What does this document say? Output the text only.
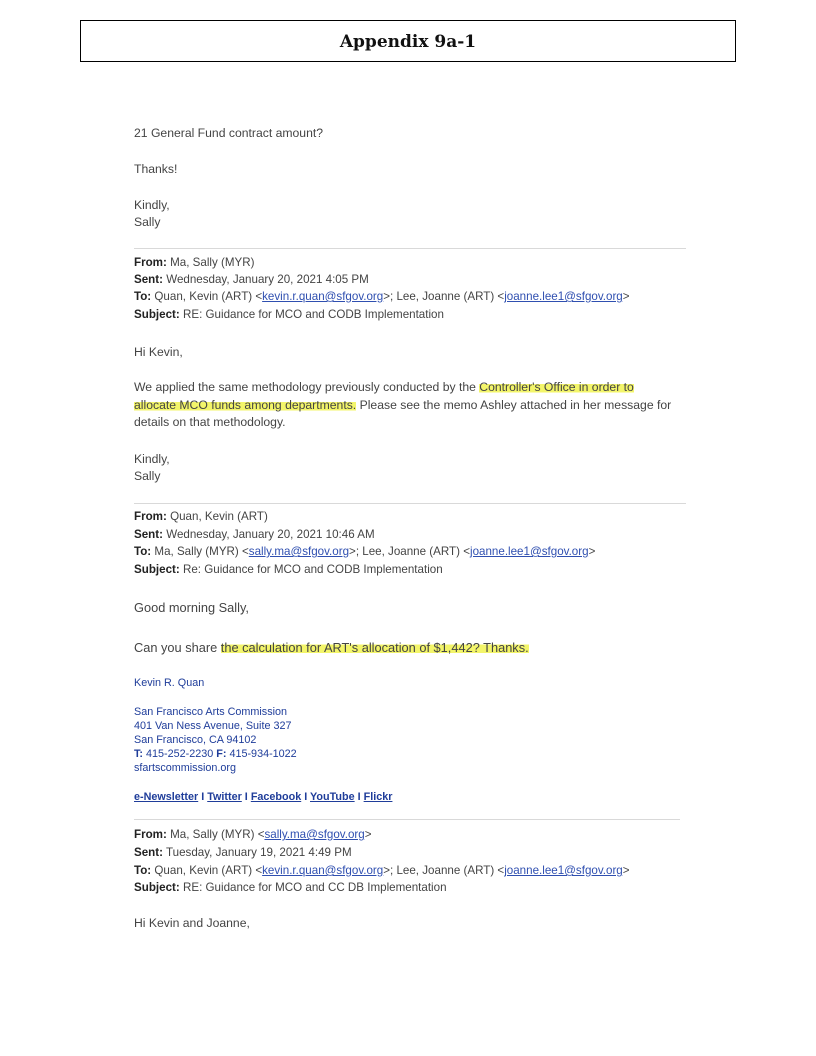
Appendix 9a-1
21 General Fund contract amount?
Thanks!
Kindly,
Sally
From: Ma, Sally (MYR)
Sent: Wednesday, January 20, 2021 4:05 PM
To: Quan, Kevin (ART) <kevin.r.quan@sfgov.org>; Lee, Joanne (ART) <joanne.lee1@sfgov.org>
Subject: RE: Guidance for MCO and CODB Implementation
Hi Kevin,
We applied the same methodology previously conducted by the Controller's Office in order to
allocate MCO funds among departments. Please see the memo Ashley attached in her message for
details on that methodology.
Kindly,
Sally
From: Quan, Kevin (ART)
Sent: Wednesday, January 20, 2021 10:46 AM
To: Ma, Sally (MYR) <sally.ma@sfgov.org>; Lee, Joanne (ART) <joanne.lee1@sfgov.org>
Subject: Re: Guidance for MCO and CODB Implementation
Good morning Sally,
Can you share the calculation for ART's allocation of $1,442? Thanks.
Kevin R. Quan
San Francisco Arts Commission
401 Van Ness Avenue, Suite 327
San Francisco, CA 94102
T: 415-252-2230 F: 415-934-1022
sfartscommission.org
e-Newsletter I Twitter I Facebook I YouTube I Flickr
From: Ma, Sally (MYR) <sally.ma@sfgov.org>
Sent: Tuesday, January 19, 2021 4:49 PM
To: Quan, Kevin (ART) <kevin.r.quan@sfgov.org>; Lee, Joanne (ART) <joanne.lee1@sfgov.org>
Subject: RE: Guidance for MCO and CC DB Implementation
Hi Kevin and Joanne,
